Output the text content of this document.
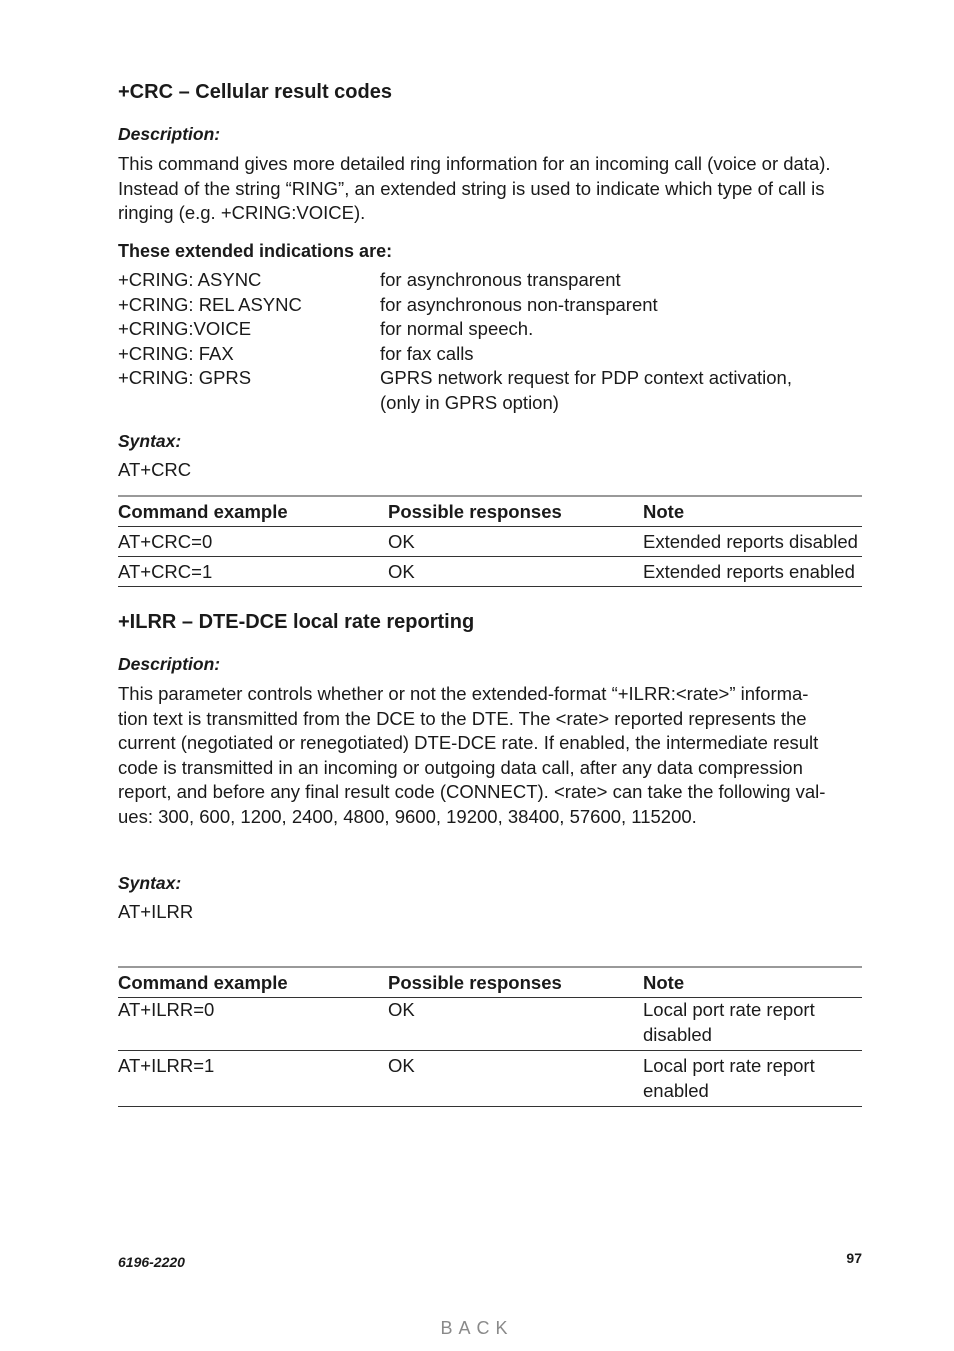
+CRC – Cellular result codes
Description:
This command gives more detailed ring information for an incoming call (voice or data).
Instead of the string “RING”, an extended string is used to indicate which type of call is
ringing (e.g. +CRING:VOICE).
These extended indications are:
+CRING: ASYNC	for asynchronous transparent
+CRING: REL ASYNC	for asynchronous non-transparent
+CRING:VOICE	for normal speech.
+CRING: FAX	for fax calls
+CRING: GPRS	GPRS network request for PDP context activation,
(only in GPRS option)
Syntax:
AT+CRC
Command example	Possible responses	Note
AT+CRC=0	OK	Extended reports disabled
AT+CRC=1	OK	Extended reports enabled
+ILRR – DTE-DCE local rate reporting
Description:
This parameter controls whether or not the extended-format “+ILRR:<rate>” informa-
tion text is transmitted from the DCE to the DTE. The <rate> reported represents the
current (negotiated or renegotiated) DTE-DCE rate. If enabled, the intermediate result
code is transmitted in an incoming or outgoing data call, after any data compression
report, and before any final result code (CONNECT). <rate> can take the following val-
ues: 300, 600, 1200, 2400, 4800, 9600, 19200, 38400, 57600, 115200.
Syntax:
AT+ILRR
Command example	Possible responses	Note
AT+ILRR=0	OK	Local port rate report
disabled

AT+ILRR=1	OK	Local port rate report
enabled
6196-2220	97
BACK
